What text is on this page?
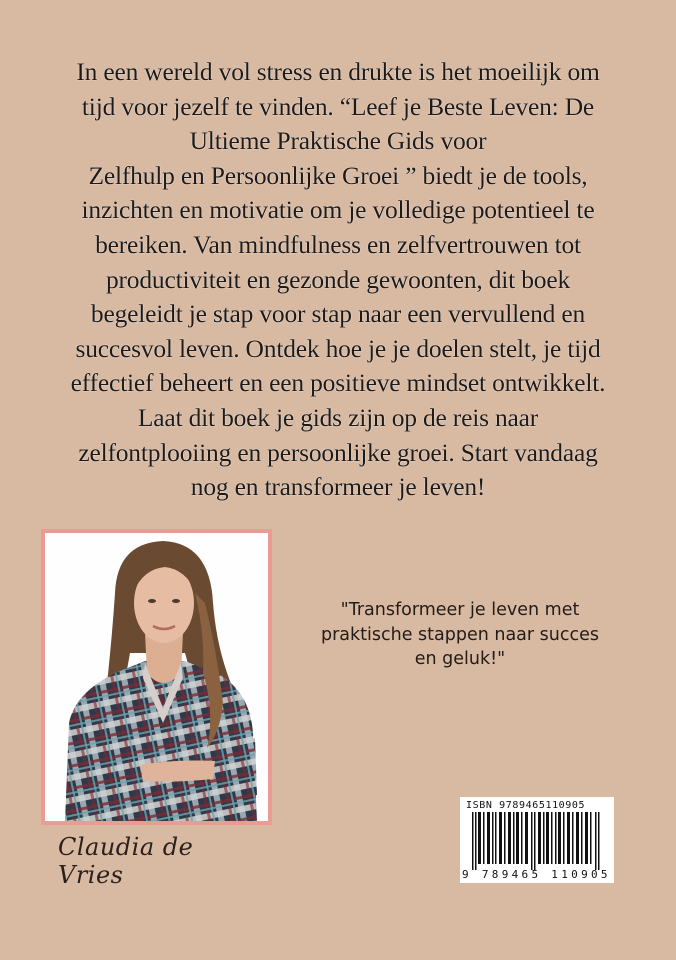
In een wereld vol stress en drukte is het moeilijk om
tijd voor jezelf te vinden. “Leef je Beste Leven: De
Ultieme Praktische Gids voor
Zelfhulp en Persoonlijke Groei ” biedt je de tools,
inzichten en motivatie om je volledige potentieel te
bereiken. Van mindfulness en zelfvertrouwen tot
productiviteit en gezonde gewoonten, dit boek
begeleidt je stap voor stap naar een vervullend en
succesvol leven. Ontdek hoe je je doelen stelt, je tijd
effectief beheert en een positieve mindset ontwikkelt.
Laat dit boek je gids zijn op de reis naar
zelfontplooiing en persoonlijke groei. Start vandaag
nog en transformeer je leven!
Claudia de Vries
"Transformeer je leven met
praktische stappen naar succes
en geluk!"
ISBN 9789465110905
9 789465 110905
